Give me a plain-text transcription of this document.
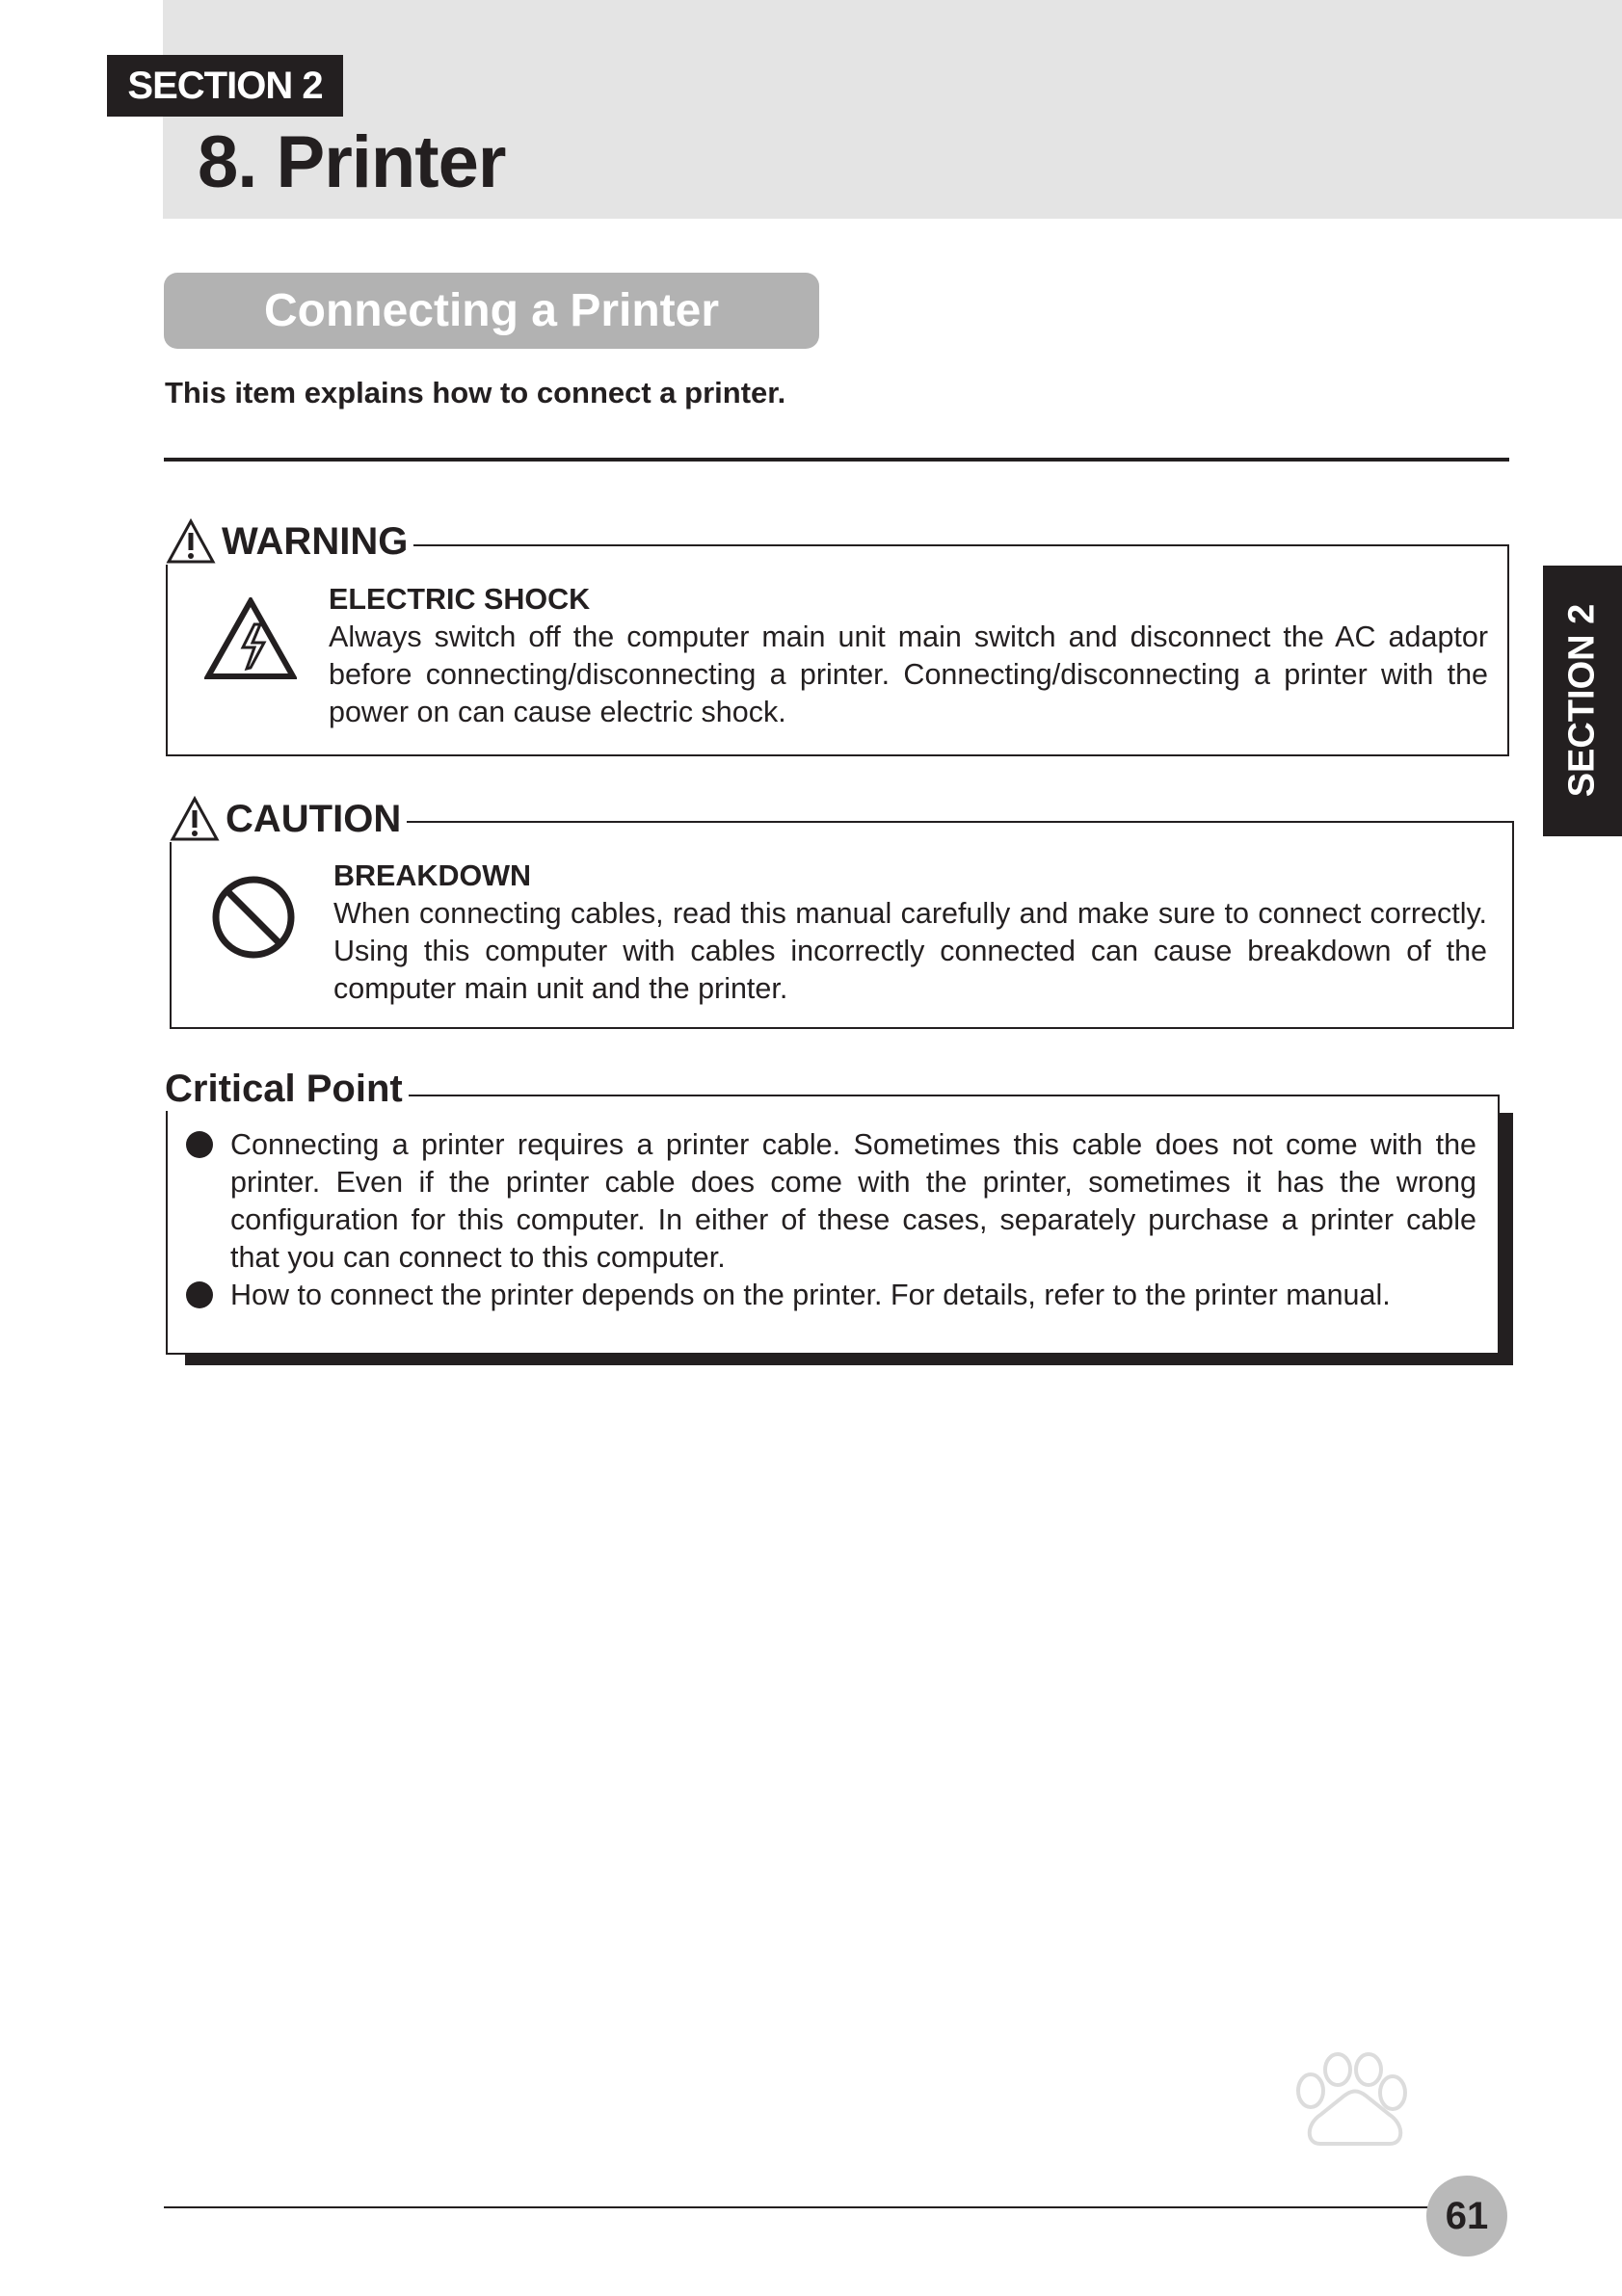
SECTION 2
8. Printer
Connecting a Printer
This item explains how to connect a printer.
WARNING
ELECTRIC SHOCK
Always switch off the computer main unit main switch and disconnect the AC adaptor before connecting/disconnecting a printer. Connecting/disconnecting a printer with the power on can cause electric shock.
CAUTION
BREAKDOWN
When connecting cables, read this manual carefully and make sure to connect correctly. Using this computer with cables incorrectly connected can cause breakdown of the computer main unit and the printer.
Critical Point
Connecting a printer requires a printer cable. Sometimes this cable does not come with the printer. Even if the printer cable does come with the printer, sometimes it has the wrong configuration for this computer. In either of these cases, separately purchase a printer cable that you can connect to this computer.
How to connect the printer depends on the printer. For details, refer to the printer manual.
SECTION 2
61
